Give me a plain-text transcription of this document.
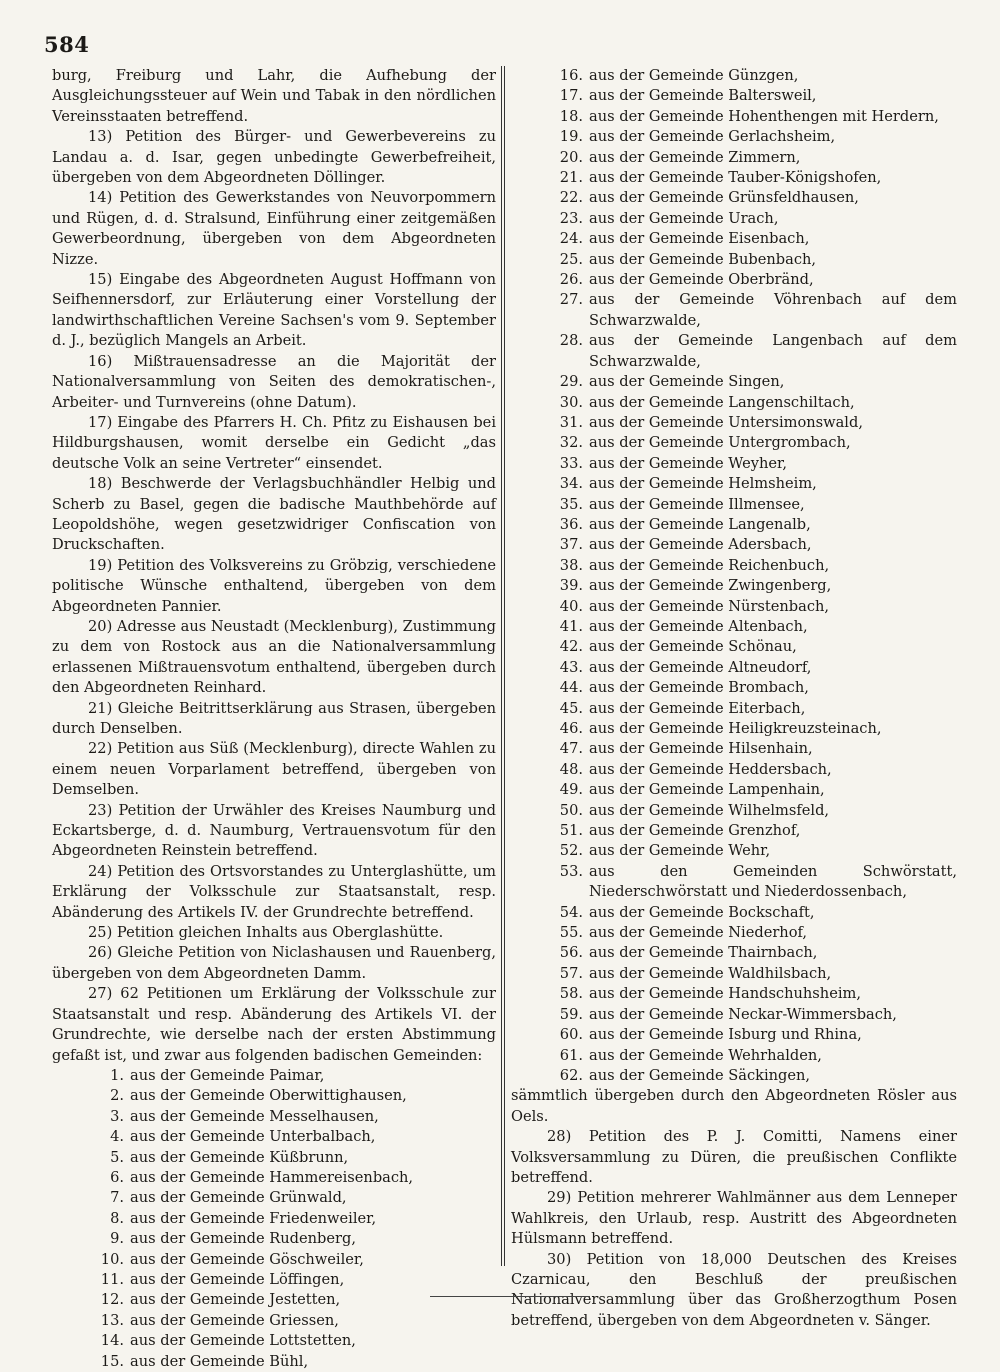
584

burg, Freiburg und Lahr, die Aufhebung der Ausgleichungssteuer auf Wein und Tabak in den nördlichen Vereinsstaaten betreffend.

13) Petition des Bürger- und Gewerbevereins zu Landau a. d. Isar, gegen unbedingte Gewerbefreiheit, übergeben von dem Abgeordneten Döllinger.

14) Petition des Gewerkstandes von Neuvorpommern und Rügen, d. d. Stralsund, Einführung einer zeitgemäßen Gewerbeordnung, übergeben von dem Abgeordneten Nizze.

15) Eingabe des Abgeordneten August Hoffmann von Seifhennersdorf, zur Erläuterung einer Vorstellung der landwirthschaftlichen Vereine Sachsen's vom 9. September d. J., bezüglich Mangels an Arbeit.

16) Mißtrauensadresse an die Majorität der Nationalversammlung von Seiten des demokratischen-, Arbeiter- und Turnvereins (ohne Datum).

17) Eingabe des Pfarrers H. Ch. Pfitz zu Eishausen bei Hildburgshausen, womit derselbe ein Gedicht „das deutsche Volk an seine Vertreter“ einsendet.

18) Beschwerde der Verlagsbuchhändler Helbig und Scherb zu Basel, gegen die badische Mauthbehörde auf Leopoldshöhe, wegen gesetzwidriger Confiscation von Druckschaften.

19) Petition des Volksvereins zu Gröbzig, verschiedene politische Wünsche enthaltend, übergeben von dem Abgeordneten Pannier.

20) Adresse aus Neustadt (Mecklenburg), Zustimmung zu dem von Rostock aus an die Nationalversammlung erlassenen Mißtrauensvotum enthaltend, übergeben durch den Abgeordneten Reinhard.

21) Gleiche Beitrittserklärung aus Strasen, übergeben durch Denselben.

22) Petition aus Süß (Mecklenburg), directe Wahlen zu einem neuen Vorparlament betreffend, übergeben von Demselben.

23) Petition der Urwähler des Kreises Naumburg und Eckartsberge, d. d. Naumburg, Vertrauensvotum für den Abgeordneten Reinstein betreffend.

24) Petition des Ortsvorstandes zu Unterglashütte, um Erklärung der Volksschule zur Staatsanstalt, resp. Abänderung des Artikels IV. der Grundrechte betreffend.

25) Petition gleichen Inhalts aus Oberglashütte.

26) Gleiche Petition von Niclashausen und Rauenberg, übergeben von dem Abgeordneten Damm.

27) 62 Petitionen um Erklärung der Volksschule zur Staatsanstalt und resp. Abänderung des Artikels VI. der Grundrechte, wie derselbe nach der ersten Abstimmung gefaßt ist, und zwar aus folgenden badischen Gemeinden:

1. aus der Gemeinde Paimar,
2. aus der Gemeinde Oberwittighausen,
3. aus der Gemeinde Messelhausen,
4. aus der Gemeinde Unterbalbach,
5. aus der Gemeinde Küßbrunn,
6. aus der Gemeinde Hammereisenbach,
7. aus der Gemeinde Grünwald,
8. aus der Gemeinde Friedenweiler,
9. aus der Gemeinde Rudenberg,
10. aus der Gemeinde Göschweiler,
11. aus der Gemeinde Löffingen,
12. aus der Gemeinde Jestetten,
13. aus der Gemeinde Griessen,
14. aus der Gemeinde Lottstetten,
15. aus der Gemeinde Bühl,
16. aus der Gemeinde Günzgen,
17. aus der Gemeinde Baltersweil,
18. aus der Gemeinde Hohenthengen mit Herdern,
19. aus der Gemeinde Gerlachsheim,
20. aus der Gemeinde Zimmern,
21. aus der Gemeinde Tauber-Königshofen,
22. aus der Gemeinde Grünsfeldhausen,
23. aus der Gemeinde Urach,
24. aus der Gemeinde Eisenbach,
25. aus der Gemeinde Bubenbach,
26. aus der Gemeinde Oberbränd,
27. aus der Gemeinde Vöhrenbach auf dem Schwarzwalde,
28. aus der Gemeinde Langenbach auf dem Schwarzwalde,
29. aus der Gemeinde Singen,
30. aus der Gemeinde Langenschiltach,
31. aus der Gemeinde Untersimonswald,
32. aus der Gemeinde Untergrombach,
33. aus der Gemeinde Weyher,
34. aus der Gemeinde Helmsheim,
35. aus der Gemeinde Illmensee,
36. aus der Gemeinde Langenalb,
37. aus der Gemeinde Adersbach,
38. aus der Gemeinde Reichenbuch,
39. aus der Gemeinde Zwingenberg,
40. aus der Gemeinde Nürstenbach,
41. aus der Gemeinde Altenbach,
42. aus der Gemeinde Schönau,
43. aus der Gemeinde Altneudorf,
44. aus der Gemeinde Brombach,
45. aus der Gemeinde Eiterbach,
46. aus der Gemeinde Heiligkreuzsteinach,
47. aus der Gemeinde Hilsenhain,
48. aus der Gemeinde Heddersbach,
49. aus der Gemeinde Lampenhain,
50. aus der Gemeinde Wilhelmsfeld,
51. aus der Gemeinde Grenzhof,
52. aus der Gemeinde Wehr,
53. aus den Gemeinden Schwörstatt, Niederschwörstatt und Niederdossenbach,
54. aus der Gemeinde Bockschaft,
55. aus der Gemeinde Niederhof,
56. aus der Gemeinde Thairnbach,
57. aus der Gemeinde Waldhilsbach,
58. aus der Gemeinde Handschuhsheim,
59. aus der Gemeinde Neckar-Wimmersbach,
60. aus der Gemeinde Isburg und Rhina,
61. aus der Gemeinde Wehrhalden,
62. aus der Gemeinde Säckingen,

sämmtlich übergeben durch den Abgeordneten Rösler aus Oels.

28) Petition des P. J. Comitti, Namens einer Volksversammlung zu Düren, die preußischen Conflikte betreffend.

29) Petition mehrerer Wahlmänner aus dem Lenneper Wahlkreis, den Urlaub, resp. Austritt des Abgeordneten Hülsmann betreffend.

30) Petition von 18,000 Deutschen des Kreises Czarnicau, den Beschluß der preußischen Nationalversammlung über das Großherzogthum Posen betreffend, übergeben von dem Abgeordneten v. Sänger.
